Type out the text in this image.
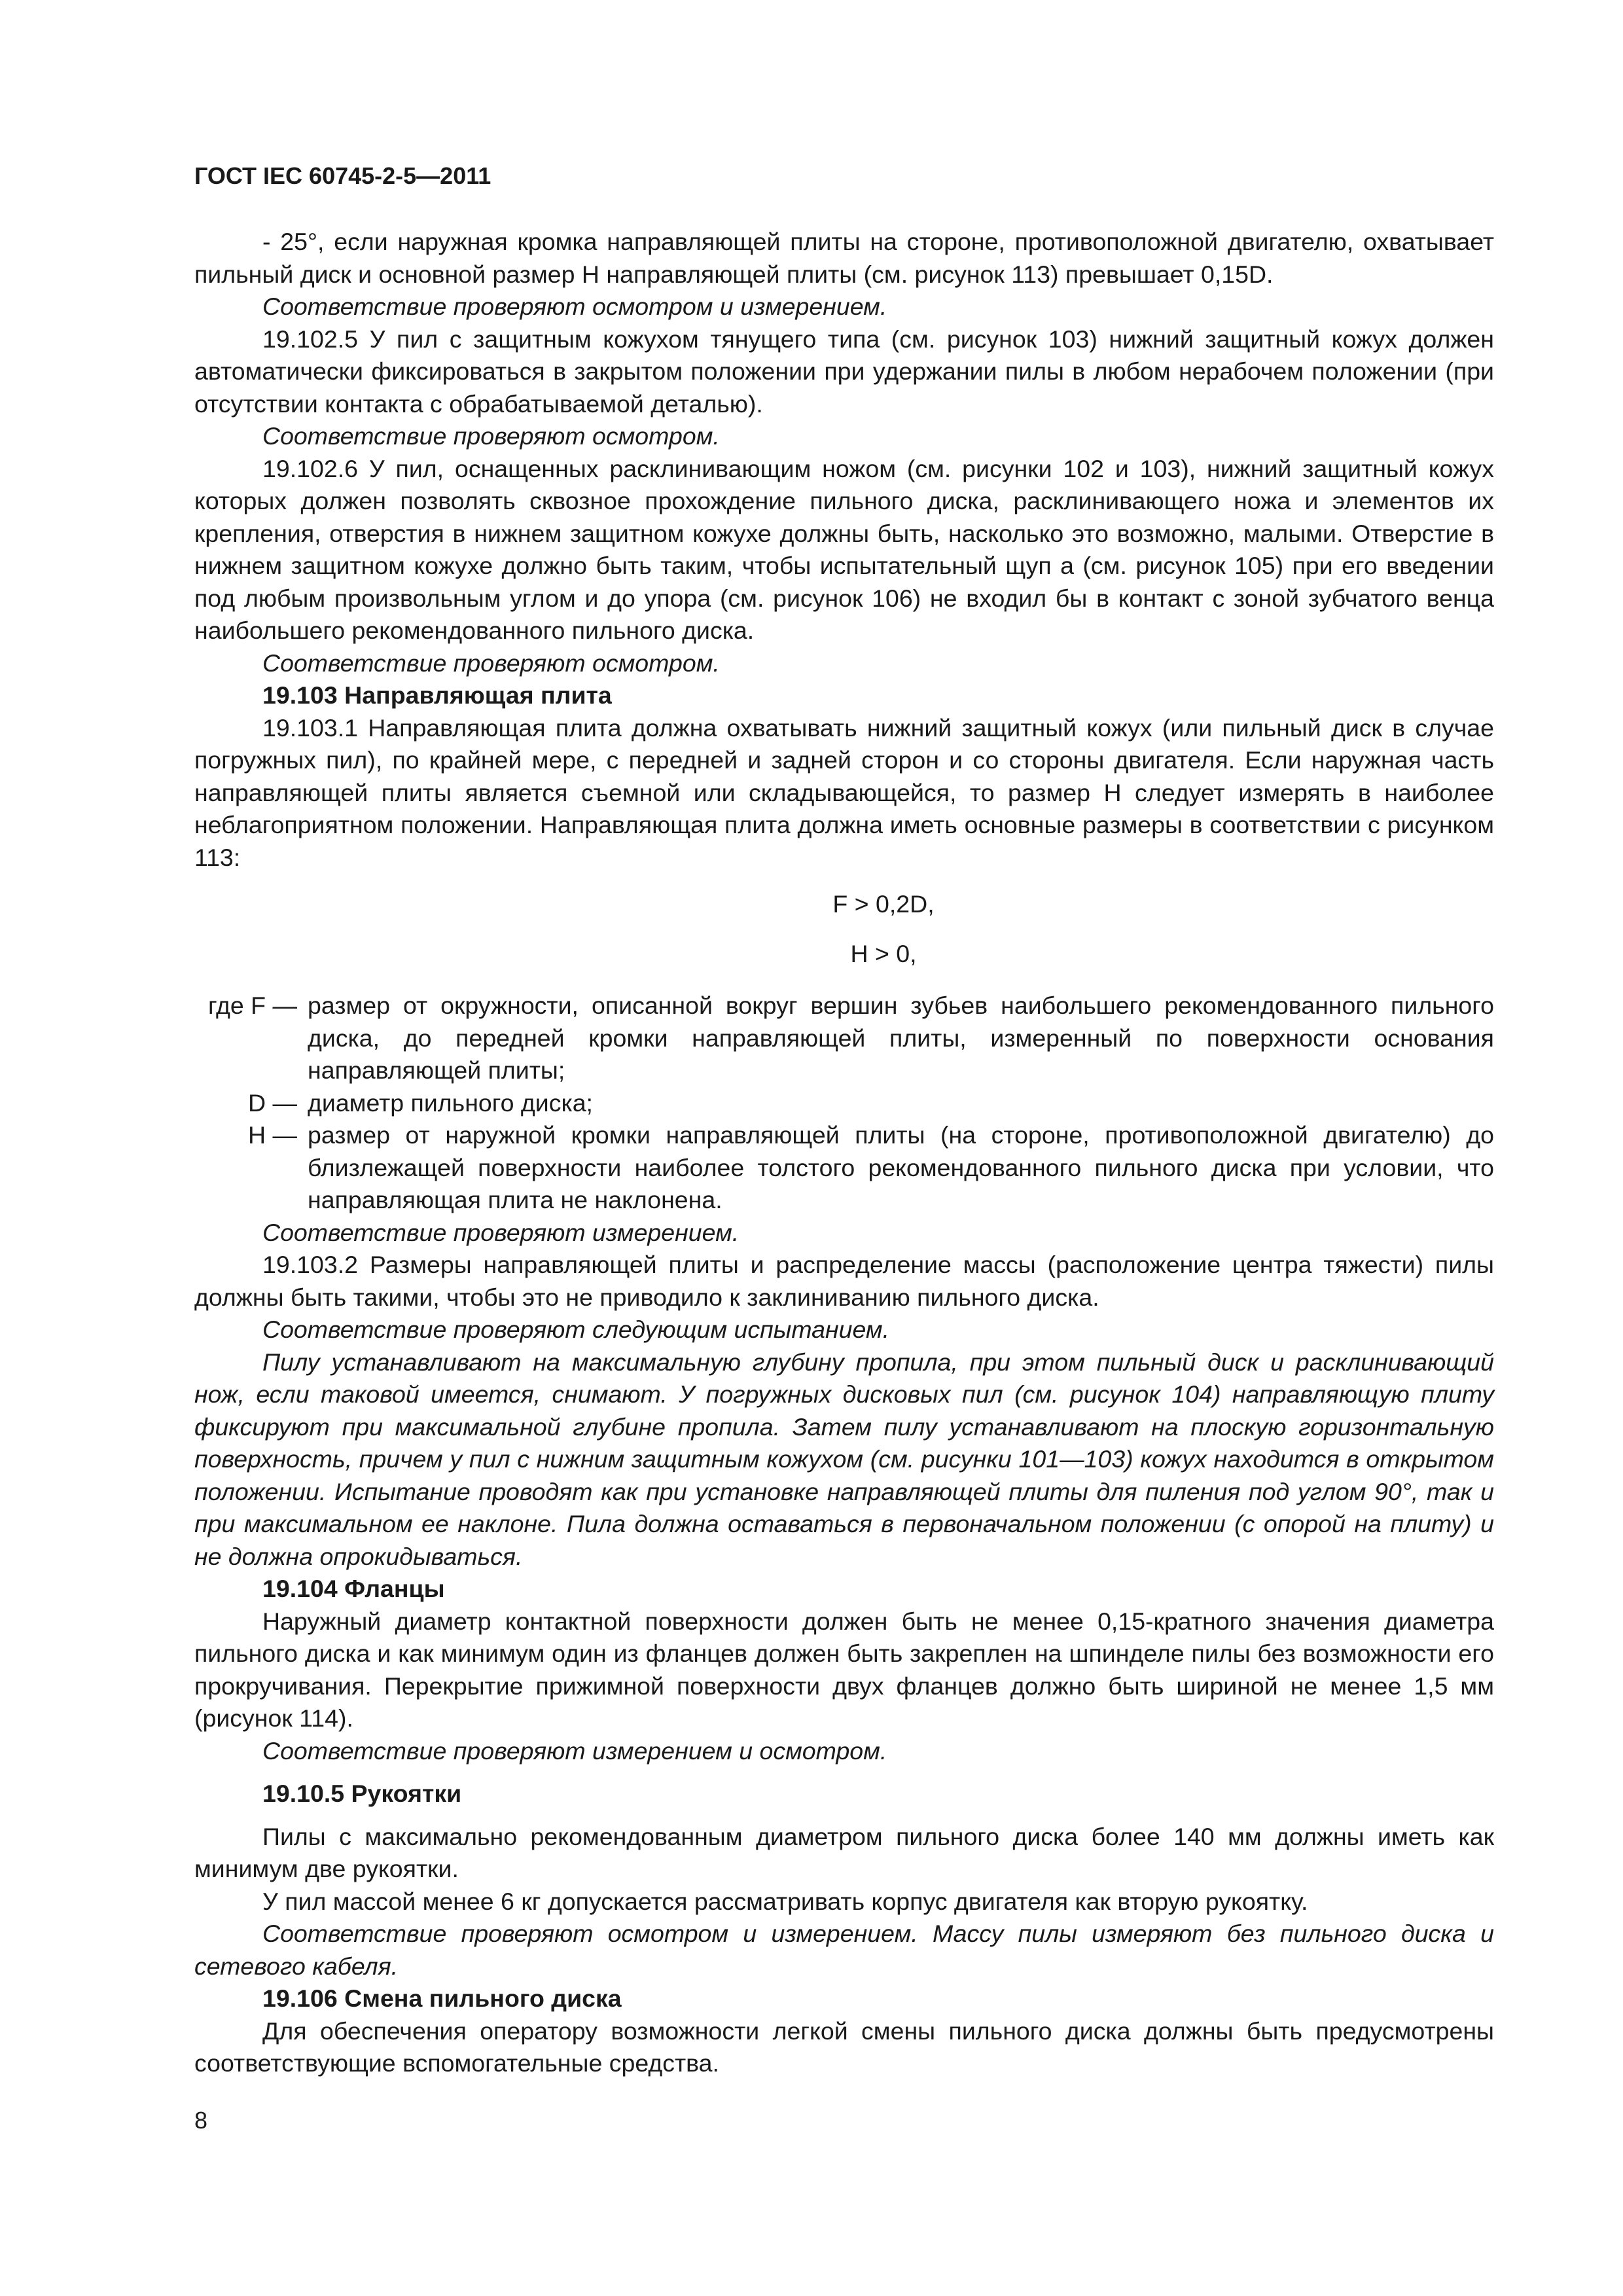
ГОСТ IEC 60745-2-5—2011

- 25°, если наружная кромка направляющей плиты на стороне, противоположной двигателю, охватывает пильный диск и основной размер H направляющей плиты (см. рисунок 113) превышает 0,15D.

Соответствие проверяют осмотром и измерением.

19.102.5 У пил с защитным кожухом тянущего типа (см. рисунок 103) нижний защитный кожух должен автоматически фиксироваться в закрытом положении при удержании пилы в любом нерабочем положении (при отсутствии контакта с обрабатываемой деталью).

Соответствие проверяют осмотром.

19.102.6 У пил, оснащенных расклинивающим ножом (см. рисунки 102 и 103), нижний защитный кожух которых должен позволять сквозное прохождение пильного диска, расклинивающего ножа и элементов их крепления, отверстия в нижнем защитном кожухе должны быть, насколько это возможно, малыми. Отверстие в нижнем защитном кожухе должно быть таким, чтобы испытательный щуп a (см. рисунок 105) при его введении под любым произвольным углом и до упора (см. рисунок 106) не входил бы в контакт с зоной зубчатого венца наибольшего рекомендованного пильного диска.

Соответствие проверяют осмотром.

19.103 Направляющая плита

19.103.1 Направляющая плита должна охватывать нижний защитный кожух (или пильный диск в случае погружных пил), по крайней мере, с передней и задней сторон и со стороны двигателя. Если наружная часть направляющей плиты является съемной или складывающейся, то размер H следует измерять в наиболее неблагоприятном положении. Направляющая плита должна иметь основные размеры в соответствии с рисунком 113:

F > 0,2D,

H > 0,

где F — размер от окружности, описанной вокруг вершин зубьев наибольшего рекомендованного пильного диска, до передней кромки направляющей плиты, измеренный по поверхности основания направляющей плиты;
D — диаметр пильного диска;
H — размер от наружной кромки направляющей плиты (на стороне, противоположной двигателю) до близлежащей поверхности наиболее толстого рекомендованного пильного диска при условии, что направляющая плита не наклонена.

Соответствие проверяют измерением.

19.103.2 Размеры направляющей плиты и распределение массы (расположение центра тяжести) пилы должны быть такими, чтобы это не приводило к заклиниванию пильного диска.

Соответствие проверяют следующим испытанием.

Пилу устанавливают на максимальную глубину пропила, при этом пильный диск и расклинивающий нож, если таковой имеется, снимают. У погружных дисковых пил (см. рисунок 104) направляющую плиту фиксируют при максимальной глубине пропила. Затем пилу устанавливают на плоскую горизонтальную поверхность, причем у пил с нижним защитным кожухом (см. рисунки 101—103) кожух находится в открытом положении. Испытание проводят как при установке направляющей плиты для пиления под углом 90°, так и при максимальном ее наклоне. Пила должна оставаться в первоначальном положении (с опорой на плиту) и не должна опрокидываться.

19.104 Фланцы

Наружный диаметр контактной поверхности должен быть не менее 0,15-кратного значения диаметра пильного диска и как минимум один из фланцев должен быть закреплен на шпинделе пилы без возможности его прокручивания. Перекрытие прижимной поверхности двух фланцев должно быть шириной не менее 1,5 мм (рисунок 114).

Соответствие проверяют измерением и осмотром.

19.10.5 Рукоятки

Пилы с максимально рекомендованным диаметром пильного диска более 140 мм должны иметь как минимум две рукоятки.

У пил массой менее 6 кг допускается рассматривать корпус двигателя как вторую рукоятку.

Соответствие проверяют осмотром и измерением. Массу пилы измеряют без пильного диска и сетевого кабеля.

19.106 Смена пильного диска

Для обеспечения оператору возможности легкой смены пильного диска должны быть предусмотрены соответствующие вспомогательные средства.

8
